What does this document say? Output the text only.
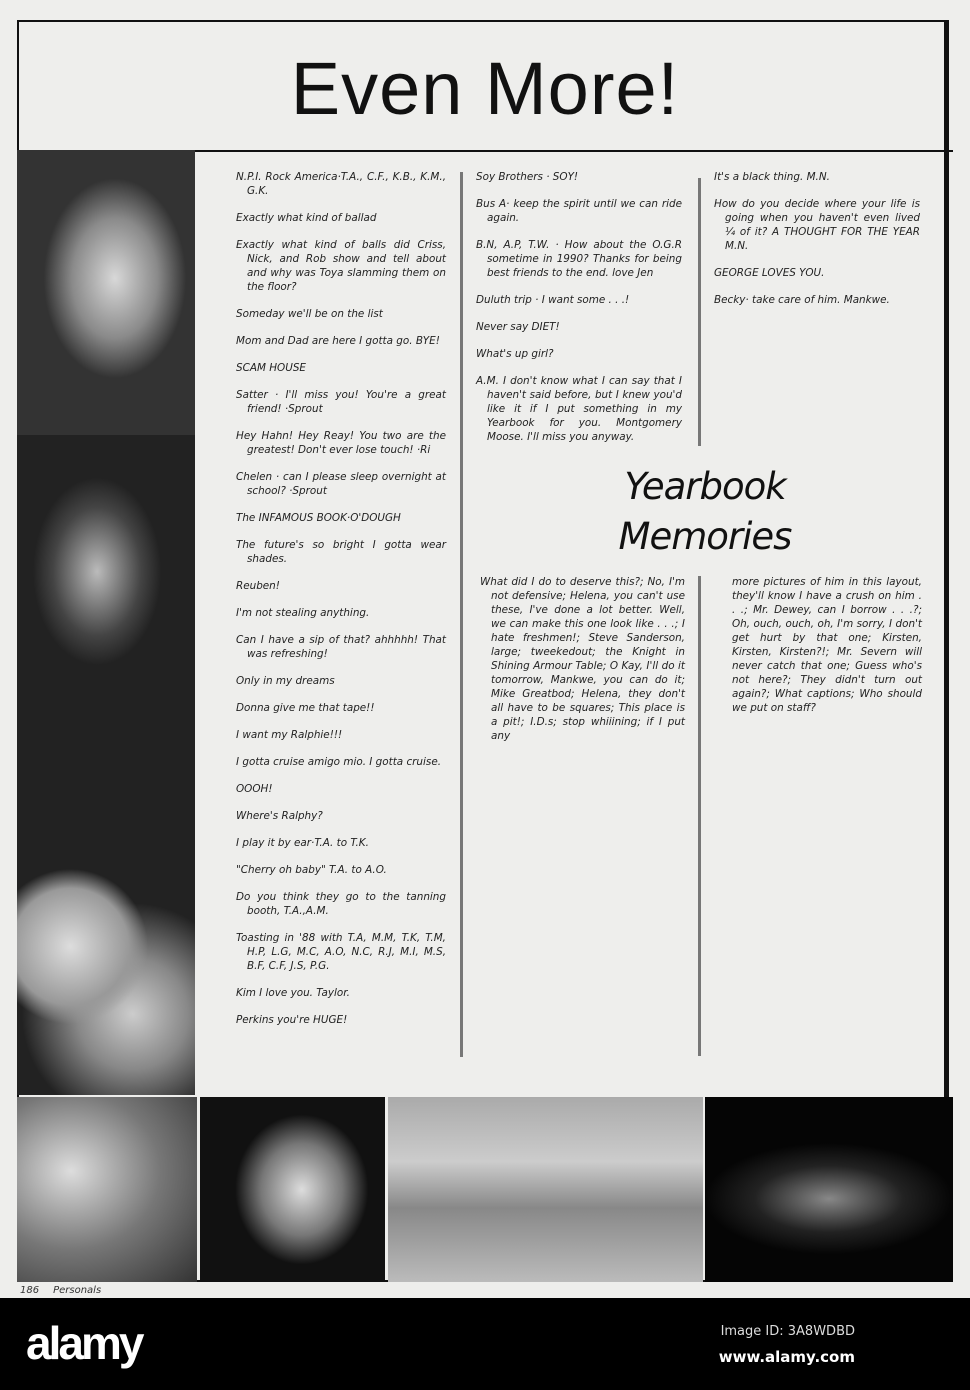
Even More!

N.P.I. Rock America·T.A., C.F., K.B., K.M., G.K.

Exactly what kind of ballad

Exactly what kind of balls did Criss, Nick, and Rob show and tell about and why was Toya slamming them on the floor?

Someday we'll be on the list

Mom and Dad are here I gotta go. BYE!

SCAM HOUSE

Satter · I'll miss you! You're a great friend! ·Sprout

Hey Hahn! Hey Reay! You two are the greatest! Don't ever lose touch! ·Ri

Chelen · can I please sleep overnight at school? ·Sprout

The INFAMOUS BOOK·O'DOUGH

The future's so bright I gotta wear shades.

Reuben!

I'm not stealing anything.

Can I have a sip of that? ahhhhh! That was refreshing!

Only in my dreams

Donna give me that tape!!

I want my Ralphie!!!

I gotta cruise amigo mio. I gotta cruise.

OOOH!

Where's Ralphy?

I play it by ear·T.A. to T.K.

"Cherry oh baby" T.A. to A.O.

Do you think they go to the tanning booth, T.A.,A.M.

Toasting in '88 with T.A, M.M, T.K, T.M, H.P, L.G, M.C, A.O, N.C, R.J, M.I, M.S, B.F, C.F, J.S, P.G.

Kim I love you. Taylor.

Perkins you're HUGE!

Soy Brothers · SOY!

Bus A· keep the spirit until we can ride again.

B.N, A.P, T.W. · How about the O.G.R sometime in 1990? Thanks for being best friends to the end. love Jen

Duluth trip · I want some . . .!

Never say DIET!

What's up girl?

A.M. I don't know what I can say that I haven't said before, but I knew you'd like it if I put something in my Yearbook for you. Montgomery Moose. I'll miss you anyway.

It's a black thing. M.N.

How do you decide where your life is going when you haven't even lived ¼ of it? A THOUGHT FOR THE YEAR M.N.

GEORGE LOVES YOU.

Becky· take care of him. Mankwe.

Yearbook
Memories

What did I do to deserve this?; No, I'm not defensive; Helena, you can't use these, I've done a lot better. Well, we can make this one look like . . .; I hate freshmen!; Steve Sanderson, large; tweekedout; the Knight in Shining Armour Table; O Kay, I'll do it tomorrow, Mankwe, you can do it; Mike Greatbod; Helena, they don't all have to be squares; This place is a pit!; I.D.s; stop whiiining; if I put any

more pictures of him in this layout, they'll know I have a crush on him . . .; Mr. Dewey, can I borrow . . .?; Oh, ouch, ouch, oh, I'm sorry, I don't get hurt by that one; Kirsten, Kirsten, Kirsten?!; Mr. Severn will never catch that one; Guess who's not here?; They didn't turn out again?; What captions; Who should we put on staff?

186 Personals
alamy	Image ID: 3A8WDBD
www.alamy.com
